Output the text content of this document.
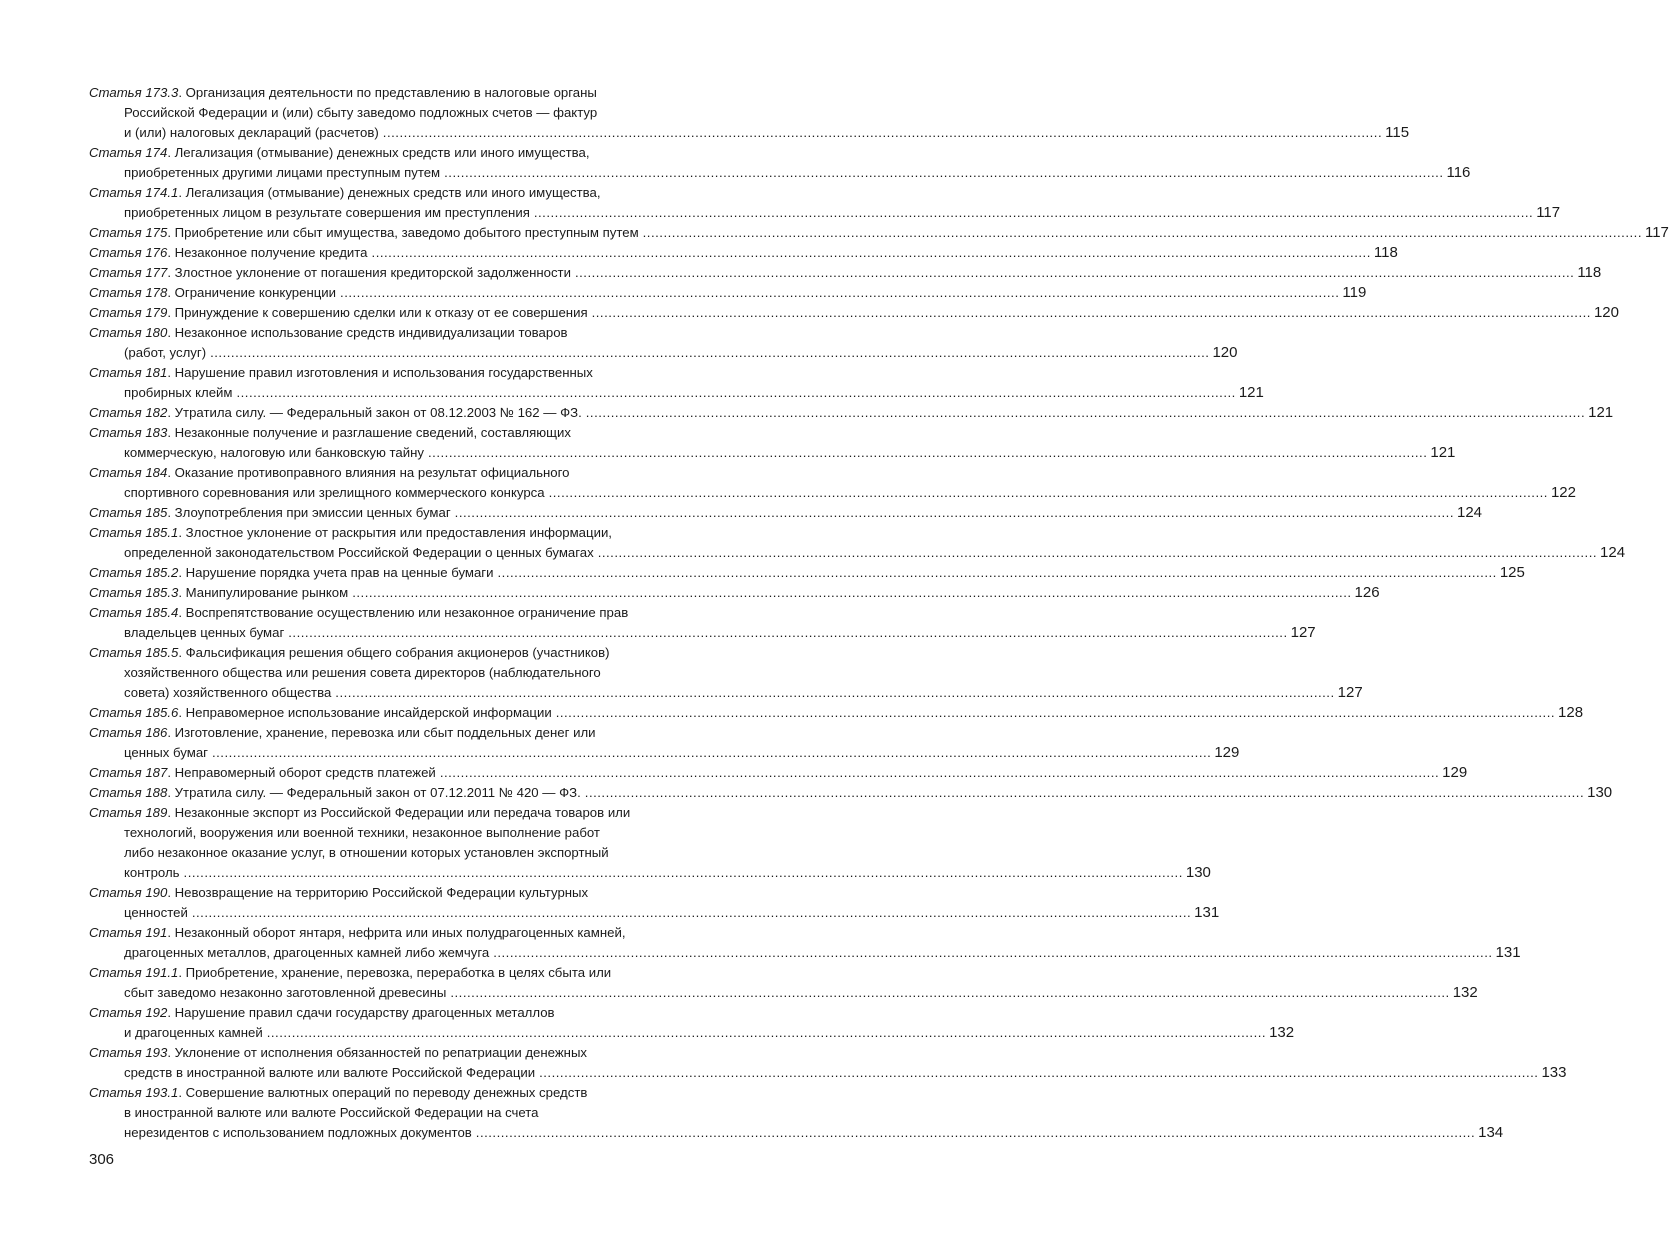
Статья 173.3. Организация деятельности по представлению в налоговые органы
Российской Федерации и (или) сбыту заведомо подложных счетов — фактур
и (или) налоговых деклараций (расчетов) .....	115
Статья 174. Легализация (отмывание) денежных средств или иного имущества,
приобретенных другими лицами преступным путем .....	116
Статья 174.1. Легализация (отмывание) денежных средств или иного имущества,
приобретенных лицом в результате совершения им преступления .....	117
Статья 175. Приобретение или сбыт имущества, заведомо добытого преступным путем .....	117
Статья 176. Незаконное получение кредита .....	118
Статья 177. Злостное уклонение от погашения кредиторской задолженности .....	118
Статья 178. Ограничение конкуренции .....	119
Статья 179. Принуждение к совершению сделки или к отказу от ее совершения .....	120
Статья 180. Незаконное использование средств индивидуализации товаров
(работ, услуг) .....	120
Статья 181. Нарушение правил изготовления и использования государственных
пробирных клейм .....	121
Статья 182. Утратила силу. — Федеральный закон от 08.12.2003 № 162 — ФЗ. .....	121
Статья 183. Незаконные получение и разглашение сведений, составляющих
коммерческую, налоговую или банковскую тайну .....	121
Статья 184. Оказание противоправного влияния на результат официального
спортивного соревнования или зрелищного коммерческого конкурса .....	122
Статья 185. Злоупотребления при эмиссии ценных бумаг .....	124
Статья 185.1. Злостное уклонение от раскрытия или предоставления информации,
определенной законодательством Российской Федерации о ценных бумагах .....	124
Статья 185.2. Нарушение порядка учета прав на ценные бумаги .....	125
Статья 185.3. Манипулирование рынком .....	126
Статья 185.4. Воспрепятствование осуществлению или незаконное ограничение прав
владельцев ценных бумаг .....	127
Статья 185.5. Фальсификация решения общего собрания акционеров (участников)
хозяйственного общества или решения совета директоров (наблюдательного
совета) хозяйственного общества .....	127
Статья 185.6. Неправомерное использование инсайдерской информации .....	128
Статья 186. Изготовление, хранение, перевозка или сбыт поддельных денег или
ценных бумаг .....	129
Статья 187. Неправомерный оборот средств платежей .....	129
Статья 188. Утратила силу. — Федеральный закон от 07.12.2011 № 420 — ФЗ. .....	130
Статья 189. Незаконные экспорт из Российской Федерации или передача товаров или
технологий, вооружения или военной техники, незаконное выполнение работ
либо незаконное оказание услуг, в отношении которых установлен экспортный
контроль .....	130
Статья 190. Невозвращение на территорию Российской Федерации культурных
ценностей .....	131
Статья 191. Незаконный оборот янтаря, нефрита или иных полудрагоценных камней,
драгоценных металлов, драгоценных камней либо жемчуга .....	131
Статья 191.1. Приобретение, хранение, перевозка, переработка в целях сбыта или
сбыт заведомо незаконно заготовленной древесины .....	132
Статья 192. Нарушение правил сдачи государству драгоценных металлов
и драгоценных камней .....	132
Статья 193. Уклонение от исполнения обязанностей по репатриации денежных
средств в иностранной валюте или валюте Российской Федерации .....	133
Статья 193.1. Совершение валютных операций по переводу денежных средств
в иностранной валюте или валюте Российской Федерации на счета
нерезидентов с использованием подложных документов .....	134
306
